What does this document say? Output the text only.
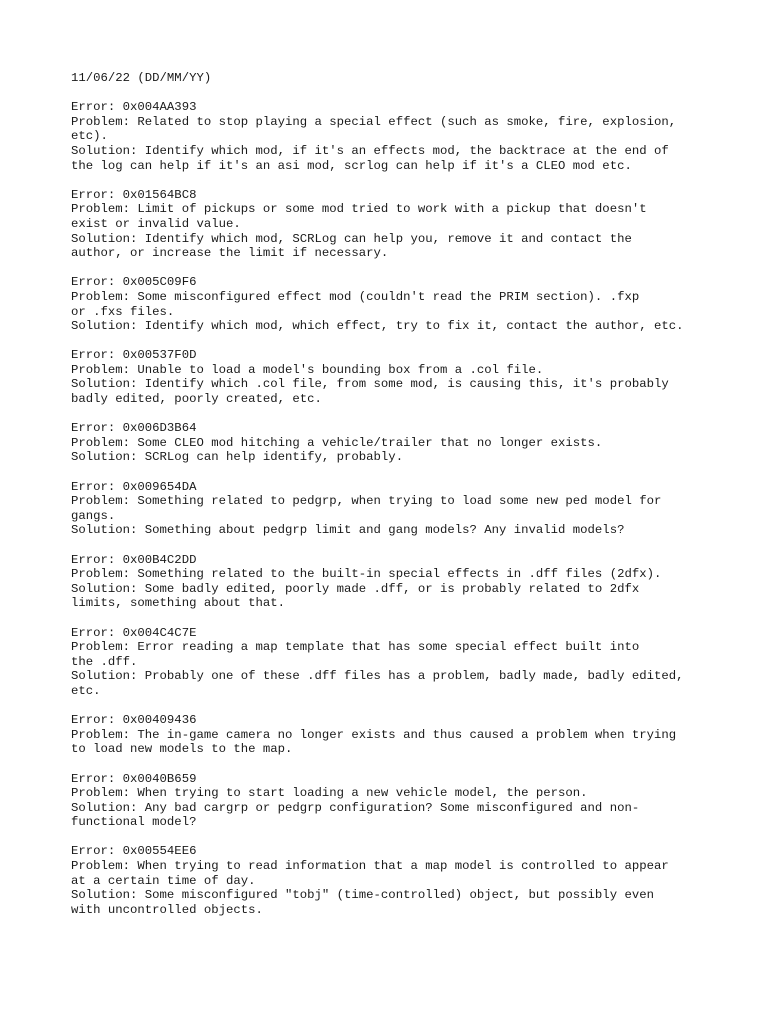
11/06/22 (DD/MM/YY)
Error: 0x004AA393
Problem: Related to stop playing a special effect (such as smoke, fire, explosion,
etc).
Solution: Identify which mod, if it's an effects mod, the backtrace at the end of
the log can help if it's an asi mod, scrlog can help if it's a CLEO mod etc.
Error: 0x01564BC8
Problem: Limit of pickups or some mod tried to work with a pickup that doesn't
exist or invalid value.
Solution: Identify which mod, SCRLog can help you, remove it and contact the
author, or increase the limit if necessary.
Error: 0x005C09F6
Problem: Some misconfigured effect mod (couldn't read the PRIM section). .fxp
or .fxs files.
Solution: Identify which mod, which effect, try to fix it, contact the author, etc.
Error: 0x00537F0D
Problem: Unable to load a model's bounding box from a .col file.
Solution: Identify which .col file, from some mod, is causing this, it's probably
badly edited, poorly created, etc.
Error: 0x006D3B64
Problem: Some CLEO mod hitching a vehicle/trailer that no longer exists.
Solution: SCRLog can help identify, probably.
Error: 0x009654DA
Problem: Something related to pedgrp, when trying to load some new ped model for
gangs.
Solution: Something about pedgrp limit and gang models? Any invalid models?
Error: 0x00B4C2DD
Problem: Something related to the built-in special effects in .dff files (2dfx).
Solution: Some badly edited, poorly made .dff, or is probably related to 2dfx
limits, something about that.
Error: 0x004C4C7E
Problem: Error reading a map template that has some special effect built into
the .dff.
Solution: Probably one of these .dff files has a problem, badly made, badly edited,
etc.
Error: 0x00409436
Problem: The in-game camera no longer exists and thus caused a problem when trying
to load new models to the map.
Error: 0x0040B659
Problem: When trying to start loading a new vehicle model, the person.
Solution: Any bad cargrp or pedgrp configuration? Some misconfigured and non-
functional model?
Error: 0x00554EE6
Problem: When trying to read information that a map model is controlled to appear
at a certain time of day.
Solution: Some misconfigured "tobj" (time-controlled) object, but possibly even
with uncontrolled objects.
